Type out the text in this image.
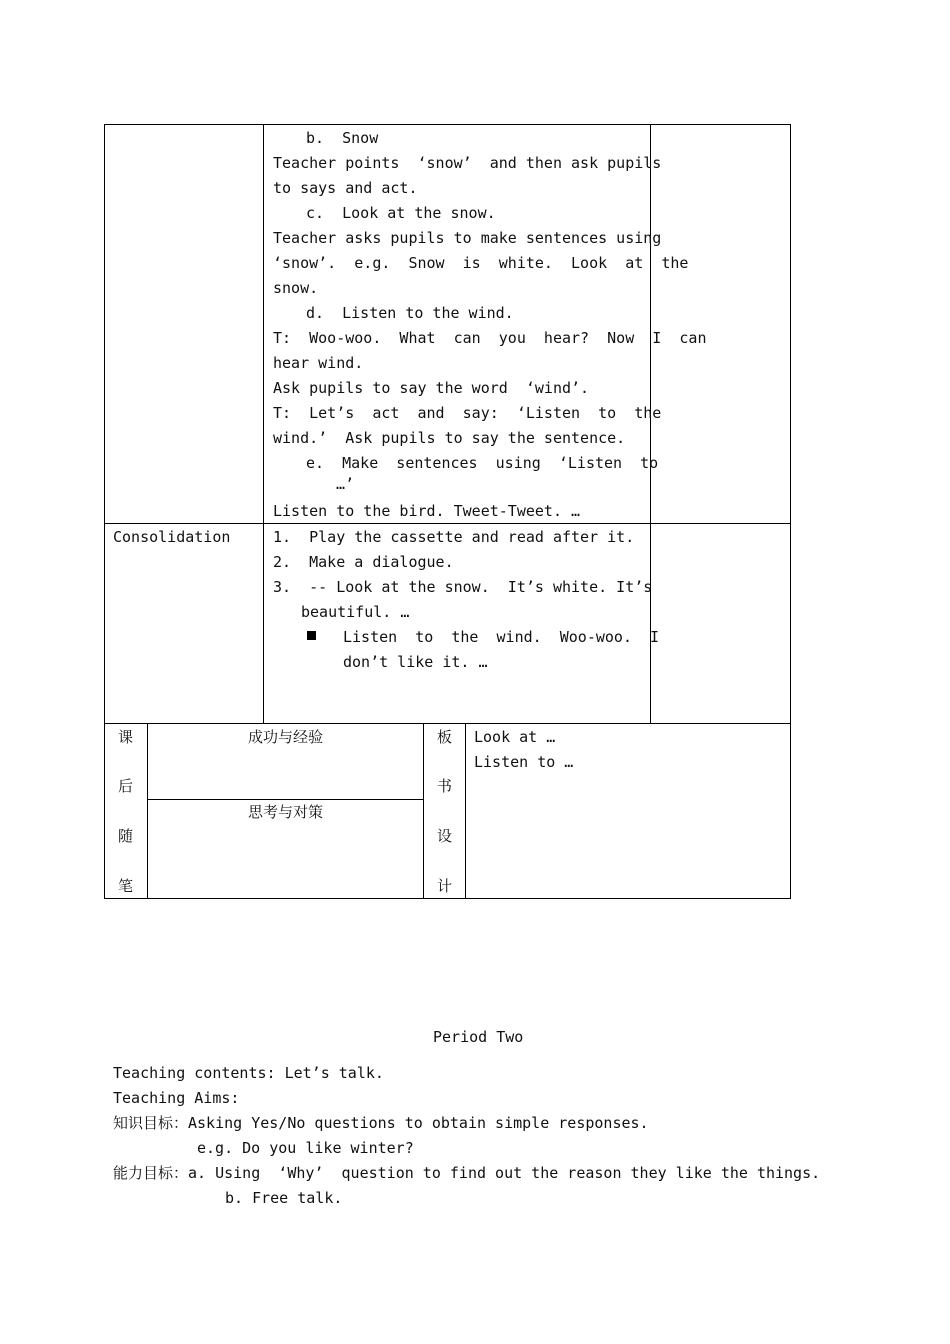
b.  Snow
Teacher points  ‘snow’  and then ask pupils
to says and act.
c.  Look at the snow.
Teacher asks pupils to make sentences using
‘snow’.  e.g.  Snow  is  white.  Look  at  the
snow.
d.  Listen to the wind.
T:  Woo-woo.  What  can  you  hear?  Now  I  can
hear wind.
Ask pupils to say the word  ‘wind’.
T:  Let’s  act  and  say:  ‘Listen  to  the
wind.’  Ask pupils to say the sentence.
e.  Make  sentences  using  ‘Listen  to
…’
Listen to the bird. Tweet-Tweet. …
Consolidation	1.  Play the cassette and read after it.
2.  Make a dialogue.
3.  -- Look at the snow.  It’s white. It’s
beautiful. …
Listen  to  the  wind.  Woo-woo.  I
don’t like it. …
课
后
随
笔
成功与经验
思考与对策
板
书
设
计
Look at …
Listen to …
Period Two
Teaching contents: Let’s talk.
Teaching Aims:
知识目标：Asking Yes/No questions to obtain simple responses.
e.g. Do you like winter?
能力目标：a. Using  ‘Why’  question to find out the reason they like the things.
b. Free talk.
